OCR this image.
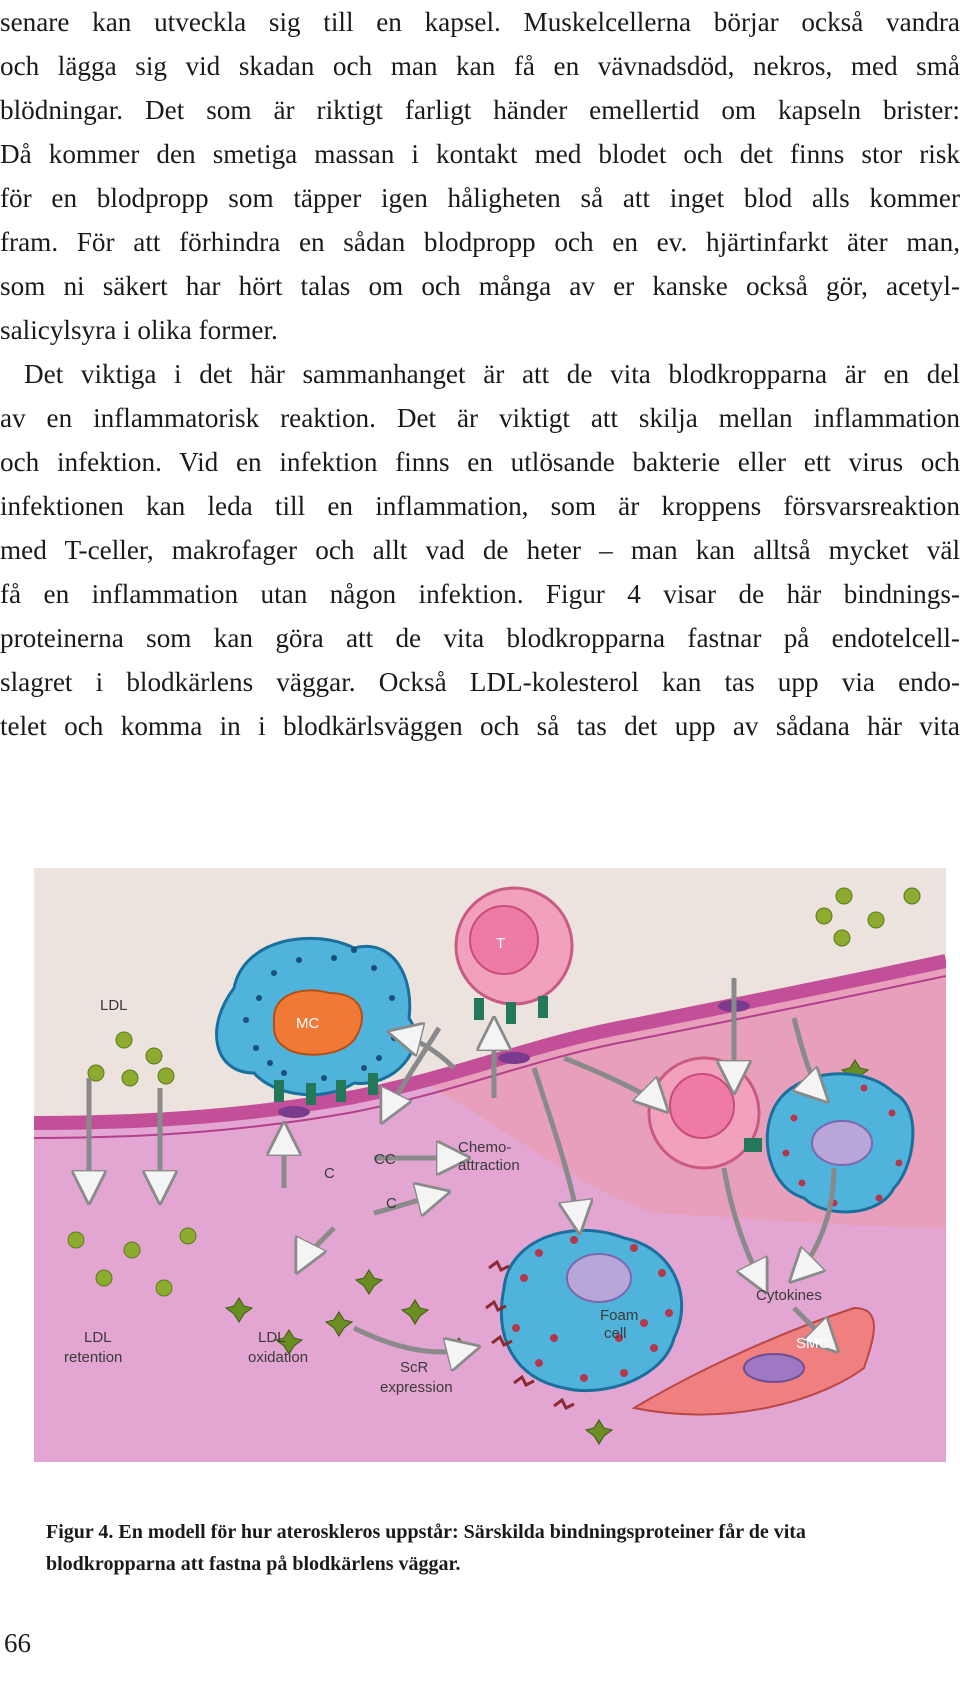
senare kan utveckla sig till en kapsel. Muskelcellerna börjar också vandra
och lägga sig vid skadan och man kan få en vävnadsdöd, nekros, med små
blödningar. Det som är riktigt farligt händer emellertid om kapseln brister:
Då kommer den smetiga massan i kontakt med blodet och det finns stor risk
för en blodpropp som täpper igen håligheten så att inget blod alls kommer
fram. För att förhindra en sådan blodpropp och en ev. hjärtinfarkt äter man,
som ni säkert har hört talas om och många av er kanske också gör, acetyl-
salicylsyra i olika former.
Det viktiga i det här sammanhanget är att de vita blodkropparna är en del
av en inflammatorisk reaktion. Det är viktigt att skilja mellan inflammation
och infektion. Vid en infektion finns en utlösande bakterie eller ett virus och
infektionen kan leda till en inflammation, som är kroppens försvarsreaktion
med T-celler, makrofager och allt vad de heter – man kan alltså mycket väl
få en inflammation utan någon infektion. Figur 4 visar de här bindnings-
proteinerna som kan göra att de vita blodkropparna fastnar på endotelcell-
slagret i blodkärlens väggar. Också LDL-kolesterol kan tas upp via endo-
telet och komma in i blodkärlsväggen och så tas det upp av sådana här vita
LDL
MC
T
CC
C
C
Chemo-
attraction
LDL
retention
LDL
oxidation
ScR
expression
Foam
cell
Cytokines
SMC
Figur 4. En modell för hur ateroskleros uppstår: Särskilda bindningsproteiner får de vita
blodkropparna att fastna på blodkärlens väggar.
66
